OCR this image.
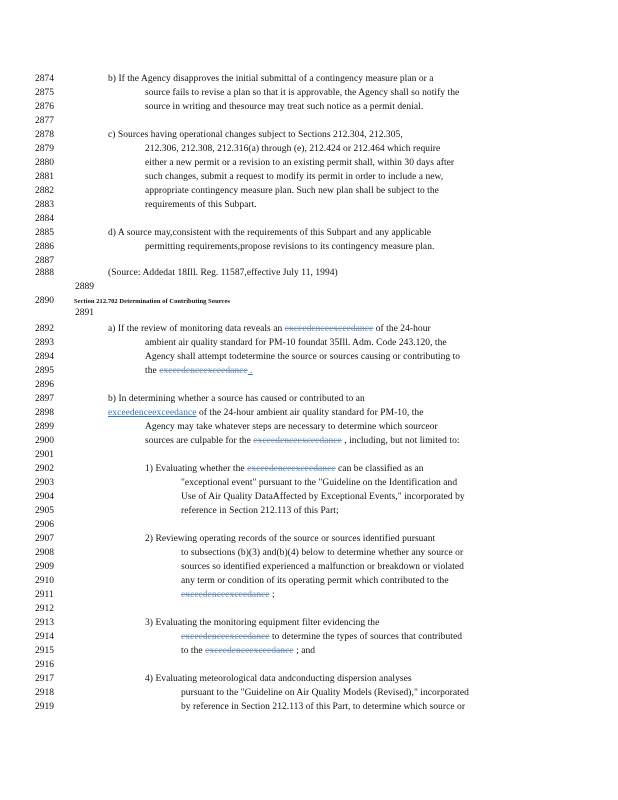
2874	b) If the Agency disapproves the initial submittal of a contingency measure plan or a
2875	source fails to revise a plan so that it is approvable, the Agency shall so notify the
2876	source in writing and thesource may treat such notice as a permit denial.
2877
2878	c) Sources having operational changes subject to Sections 212.304, 212.305,
2879	212.306, 212.308, 212.316(a) through (e), 212.424 or 212.464 which require
2880	either a new permit or a revision to an existing permit shall, within 30 days after
2881	such changes, submit a request to modify its permit in order to include a new,
2882	appropriate contingency measure plan. Such new plan shall be subject to the
2883	requirements of this Subpart.
2884
2885	d) A source may,consistent with the requirements of this Subpart and any applicable
2886	permitting requirements,propose revisions to its contingency measure plan.
2887
2888	(Source: Addedat 18Ill. Reg. 11587,effective July 11, 1994)
2889
2890	Section 212.702 Determination of Contributing Sources
2891
2892	a) If the review of monitoring data reveals an exceedenceexceedance of the 24-hour
2893	ambient air quality standard for PM-10 foundat 35Ill. Adm. Code 243.120, the
2894	Agency shall attempt todetermine the source or sources causing or contributing to
2895	the exceedenceexceedance .
2896
2897	b) In determining whether a source has caused or contributed to an
2898	exceedenceexceedance of the 24-hour ambient air quality standard for PM-10, the
2899	Agency may take whatever steps are necessary to determine which sourceor
2900	sources are culpable for the exceedenceexceedance , including, but not limited to:
2901
2902	1) Evaluating whether the exceedenceexceedance can be classified as an
2903	"exceptional event" pursuant to the "Guideline on the Identification and
2904	Use of Air Quality DataAffected by Exceptional Events," incorporated by
2905	reference in Section 212.113 of this Part;
2906
2907	2) Reviewing operating records of the source or sources identified pursuant
2908	to subsections (b)(3) and(b)(4) below to determine whether any source or
2909	sources so identified experienced a malfunction or breakdown or violated
2910	any term or condition of its operating permit which contributed to the
2911	exceedenceexceedance ;
2912
2913	3) Evaluating the monitoring equipment filter evidencing the
2914	exceedenceexceedance to determine the types of sources that contributed
2915	to the exceedenceexceedance ; and
2916
2917	4) Evaluating meteorological data andconducting dispersion analyses
2918	pursuant to the "Guideline on Air Quality Models (Revised)," incorporated
2919	by reference in Section 212.113 of this Part, to determine which source or
